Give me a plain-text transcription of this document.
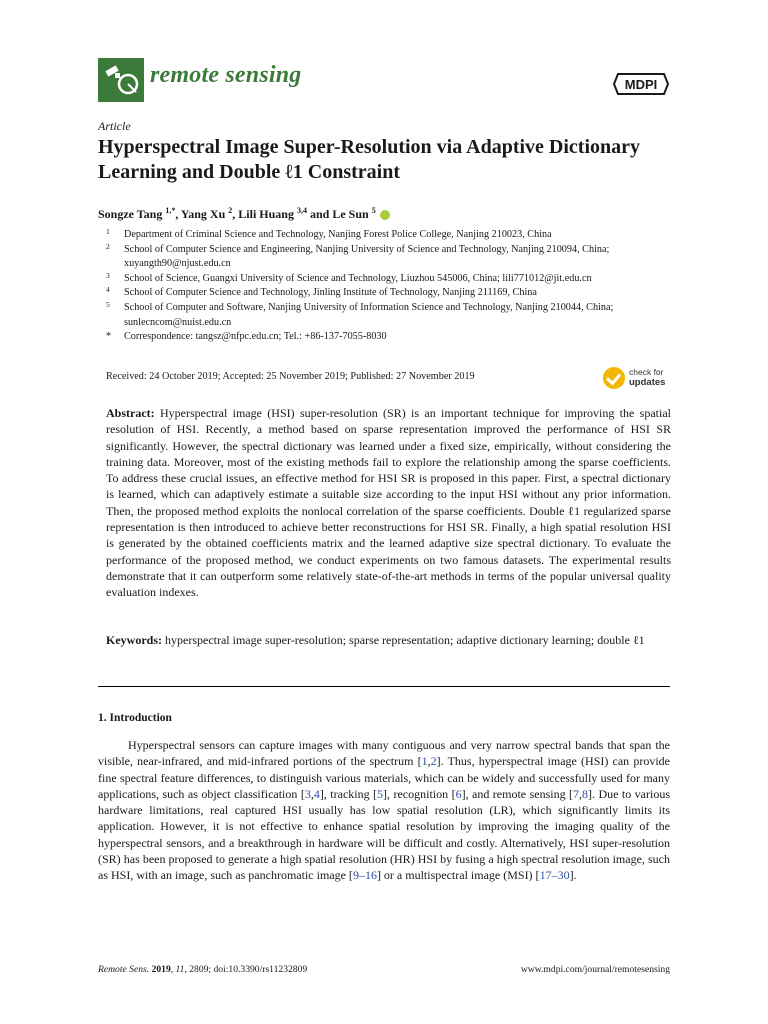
remote sensing	MDPI
Article
Hyperspectral Image Super-Resolution via Adaptive Dictionary Learning and Double ℓ1 Constraint
Songze Tang $^{1,*}$, Yang Xu $^2$, Lili Huang $^{3,4}$ and Le Sun $^5$
1 Department of Criminal Science and Technology, Nanjing Forest Police College, Nanjing 210023, China
2 School of Computer Science and Engineering, Nanjing University of Science and Technology, Nanjing 210094, China; xuyangth90@njust.edu.cn
3 School of Science, Guangxi University of Science and Technology, Liuzhou 545006, China; lili771012@jit.edu.cn
4 School of Computer Science and Technology, Jinling Institute of Technology, Nanjing 211169, China
5 School of Computer and Software, Nanjing University of Information Science and Technology, Nanjing 210044, China; sunlecncom@nuist.edu.cn
* Correspondence: tangsz@nfpc.edu.cn; Tel.: +86-137-7055-8030
Received: 24 October 2019; Accepted: 25 November 2019; Published: 27 November 2019	check for
updates
Abstract: Hyperspectral image (HSI) super-resolution (SR) is an important technique for improving the spatial resolution of HSI. Recently, a method based on sparse representation improved the performance of HSI SR significantly. However, the spectral dictionary was learned under a fixed size, empirically, without considering the training data. Moreover, most of the existing methods fail to explore the relationship among the sparse coefficients. To address these crucial issues, an effective method for HSI SR is proposed in this paper. First, a spectral dictionary is learned, which can adaptively estimate a suitable size according to the input HSI without any prior information. Then, the proposed method exploits the nonlocal correlation of the sparse coefficients. Double ℓ1 regularized sparse representation is then introduced to achieve better reconstructions for HSI SR. Finally, a high spatial resolution HSI is generated by the obtained coefficients matrix and the learned adaptive size spectral dictionary. To evaluate the performance of the proposed method, we conduct experiments on two famous datasets. The experimental results demonstrate that it can outperform some relatively state-of-the-art methods in terms of the popular universal quality evaluation indexes.
Keywords: hyperspectral image super-resolution; sparse representation; adaptive dictionary learning; double ℓ1
1. Introduction
Hyperspectral sensors can capture images with many contiguous and very narrow spectral bands that span the visible, near-infrared, and mid-infrared portions of the spectrum [1,2]. Thus, hyperspectral image (HSI) can provide fine spectral feature differences, to distinguish various materials, which can be widely and successfully used for many applications, such as object classification [3,4], tracking [5], recognition [6], and remote sensing [7,8]. Due to various hardware limitations, real captured HSI usually has low spatial resolution (LR), which significantly limits its application. However, it is not effective to enhance spatial resolution by improving the imaging quality of the hyperspectral sensors, and a breakthrough in hardware will be difficult and costly. Alternatively, HSI super-resolution (SR) has been proposed to generate a high spatial resolution (HR) HSI by fusing a high spectral resolution image, such as HSI, with an image, such as panchromatic image [9–16] or a multispectral image (MSI) [17–30].
Remote Sens. 2019, 11, 2809; doi:10.3390/rs11232809	www.mdpi.com/journal/remotesensing
